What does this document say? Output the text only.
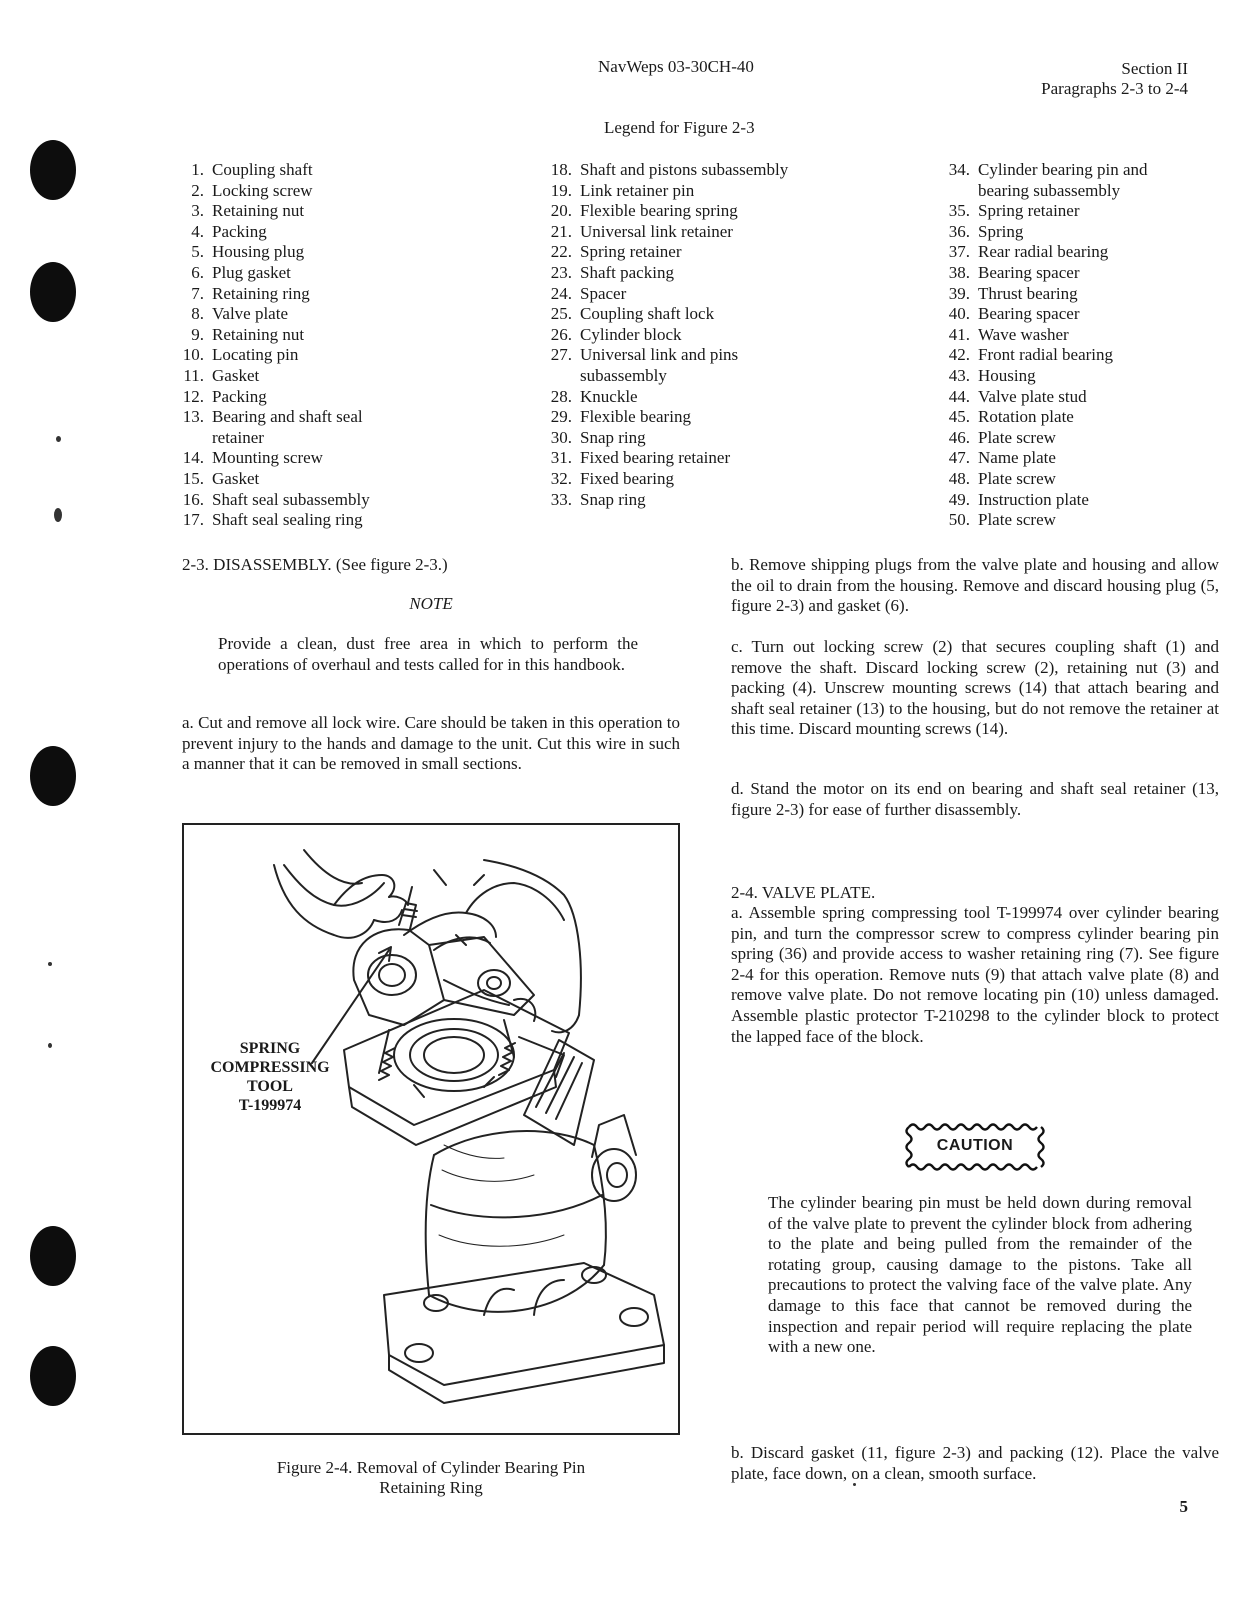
NavWeps 03-30CH-40	Section II
Paragraphs 2-3 to 2-4
Legend for Figure 2-3
1. Coupling shaft
2. Locking screw
3. Retaining nut
4. Packing
5. Housing plug
6. Plug gasket
7. Retaining ring
8. Valve plate
9. Retaining nut
10. Locating pin
11. Gasket
12. Packing
13. Bearing and shaft seal
retainer
14. Mounting screw
15. Gasket
16. Shaft seal subassembly
17. Shaft seal sealing ring
18. Shaft and pistons subassembly
19. Link retainer pin
20. Flexible bearing spring
21. Universal link retainer
22. Spring retainer
23. Shaft packing
24. Spacer
25. Coupling shaft lock
26. Cylinder block
27. Universal link and pins
subassembly
28. Knuckle
29. Flexible bearing
30. Snap ring
31. Fixed bearing retainer
32. Fixed bearing
33. Snap ring
34. Cylinder bearing pin and
bearing subassembly
35. Spring retainer
36. Spring
37. Rear radial bearing
38. Bearing spacer
39. Thrust bearing
40. Bearing spacer
41. Wave washer
42. Front radial bearing
43. Housing
44. Valve plate stud
45. Rotation plate
46. Plate screw
47. Name plate
48. Plate screw
49. Instruction plate
50. Plate screw
2-3. DISASSEMBLY. (See figure 2-3.)
NOTE
Provide a clean, dust free area in which to perform the operations of overhaul and tests called for in this handbook.
a. Cut and remove all lock wire. Care should be taken in this operation to prevent injury to the hands and damage to the unit. Cut this wire in such a manner that it can be removed in small sections.
SPRING
COMPRESSING
TOOL
T-199974
Figure 2-4. Removal of Cylinder Bearing Pin
Retaining Ring
b. Remove shipping plugs from the valve plate and housing and allow the oil to drain from the housing. Remove and discard housing plug (5, figure 2-3) and gasket (6).
c. Turn out locking screw (2) that secures coupling shaft (1) and remove the shaft. Discard locking screw (2), retaining nut (3) and packing (4). Unscrew mounting screws (14) that attach bearing and shaft seal retainer (13) to the housing, but do not remove the retainer at this time. Discard mounting screws (14).
d. Stand the motor on its end on bearing and shaft seal retainer (13, figure 2-3) for ease of further disassembly.
2-4. VALVE PLATE.
a. Assemble spring compressing tool T-199974 over cylinder bearing pin, and turn the compressor screw to compress cylinder bearing pin spring (36) and provide access to washer retaining ring (7). See figure 2-4 for this operation. Remove nuts (9) that attach valve plate (8) and remove valve plate. Do not remove locating pin (10) unless damaged. Assemble plastic protector T-210298 to the cylinder block to protect the lapped face of the block.
CAUTION
The cylinder bearing pin must be held down during removal of the valve plate to prevent the cylinder block from adhering to the plate and being pulled from the remainder of the rotating group, causing damage to the pistons. Take all precautions to protect the valving face of the valve plate. Any damage to this face that cannot be removed during the inspection and repair period will require replacing the plate with a new one.
b. Discard gasket (11, figure 2-3) and packing (12). Place the valve plate, face down, on a clean, smooth surface.
5
